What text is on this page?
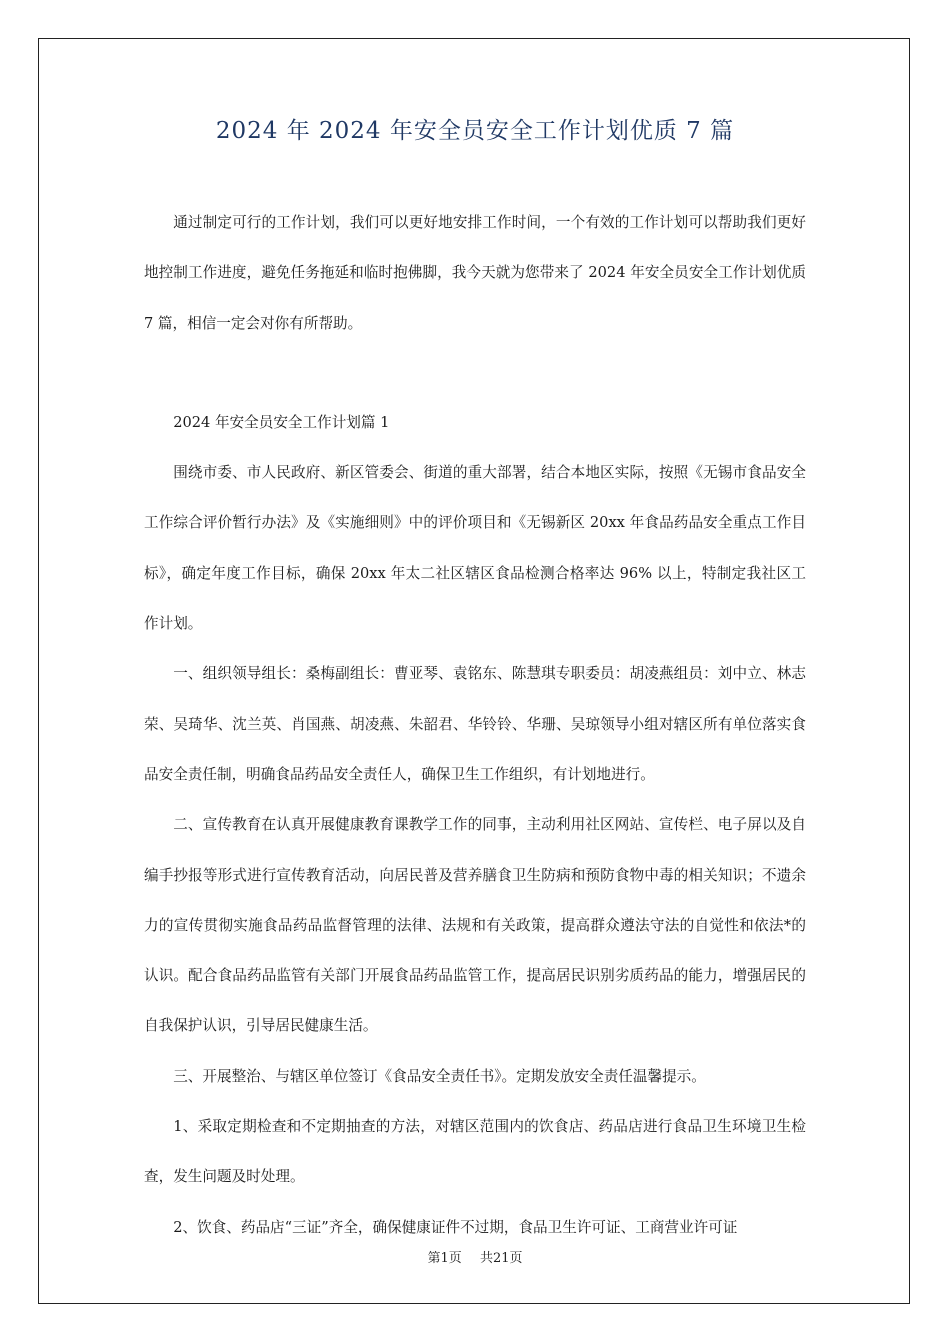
2024 年 2024 年安全员安全工作计划优质 7 篇

通过制定可行的工作计划，我们可以更好地安排工作时间，一个有效的工作计划可以帮助我们更好地控制工作进度，避免任务拖延和临时抱佛脚，我今天就为您带来了 2024 年安全员安全工作计划优质 7 篇，相信一定会对你有所帮助。

2024 年安全员安全工作计划篇 1

围绕市委、市人民政府、新区管委会、街道的重大部署，结合本地区实际，按照《无锡市食品安全工作综合评价暂行办法》及《实施细则》中的评价项目和《无锡新区 20xx 年食品药品安全重点工作目标》，确定年度工作目标，确保 20xx 年太二社区辖区食品检测合格率达 96% 以上，特制定我社区工作计划。

一、组织领导组长：桑梅副组长：曹亚琴、袁铭东、陈慧琪专职委员：胡凌燕组员：刘中立、林志荣、吴琦华、沈兰英、肖国燕、胡凌燕、朱韶君、华铃铃、华珊、吴琼领导小组对辖区所有单位落实食品安全责任制，明确食品药品安全责任人，确保卫生工作组织，有计划地进行。

二、宣传教育在认真开展健康教育课教学工作的同事，主动利用社区网站、宣传栏、电子屏以及自编手抄报等形式进行宣传教育活动，向居民普及营养膳食卫生防病和预防食物中毒的相关知识；不遗余力的宣传贯彻实施食品药品监督管理的法律、法规和有关政策，提高群众遵法守法的自觉性和依法*的认识。配合食品药品监管有关部门开展食品药品监管工作，提高居民识别劣质药品的能力，增强居民的自我保护认识，引导居民健康生活。

三、开展整治、与辖区单位签订《食品安全责任书》。定期发放安全责任温馨提示。

1、采取定期检查和不定期抽查的方法，对辖区范围内的饮食店、药品店进行食品卫生环境卫生检查，发生问题及时处理。

2、饮食、药品店“三证”齐全，确保健康证件不过期，食品卫生许可证、工商营业许可证

第1页 共21页
